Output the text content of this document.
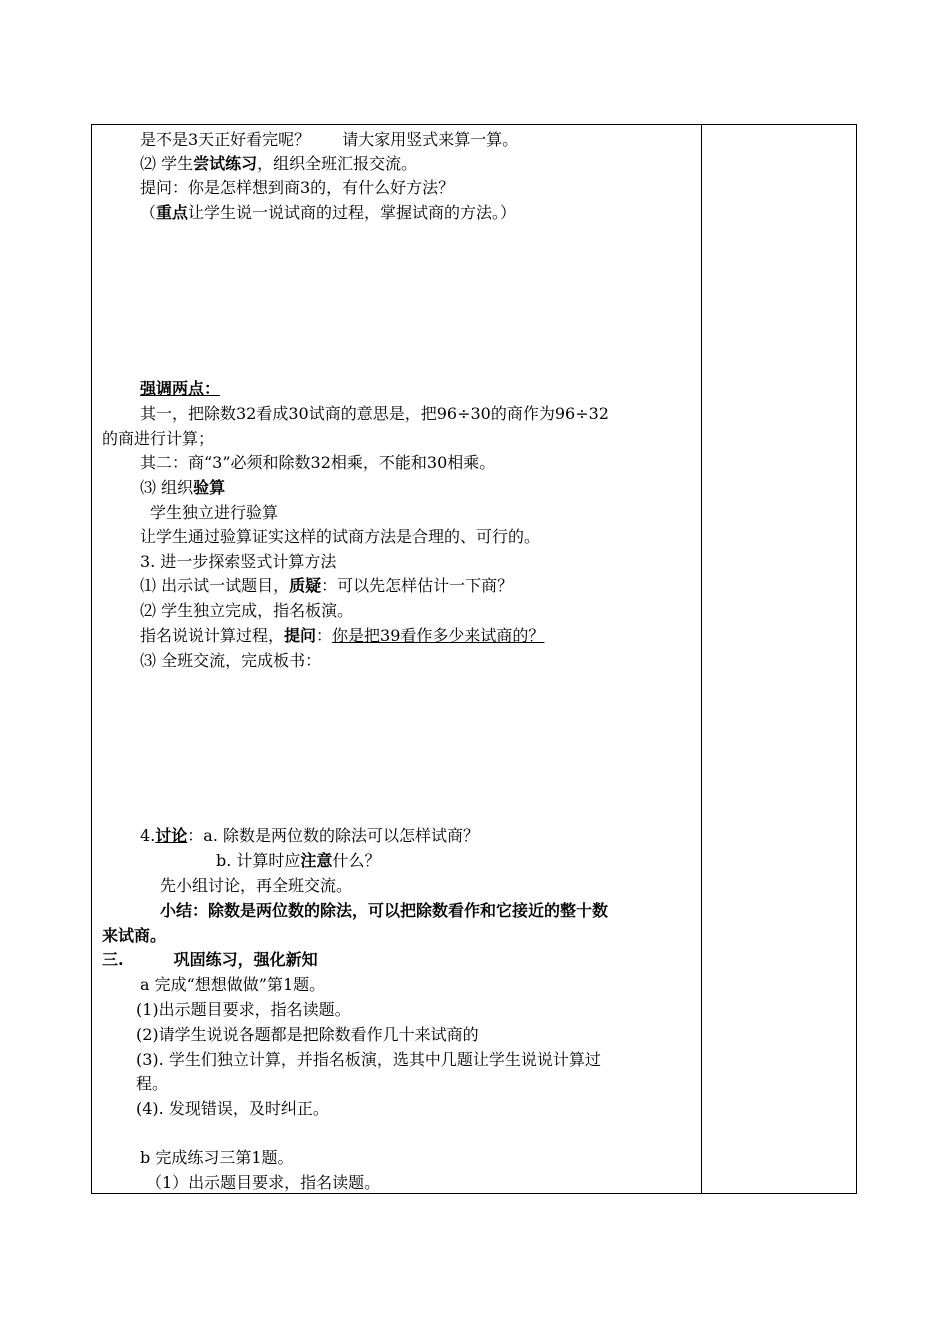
是不是3天正好看完呢？ 请大家用竖式来算一算。
⑵ 学生尝试练习，组织全班汇报交流。
提问：你是怎样想到商3的，有什么好方法？
（重点让学生说一说试商的过程，掌握试商的方法。）
强调两点：
其一，把除数32看成30试商的意思是，把96÷30的商作为96÷32
的商进行计算；
其二：商“3”必须和除数32相乘，不能和30相乘。
⑶ 组织验算
学生独立进行验算
让学生通过验算证实这样的试商方法是合理的、可行的。
3. 进一步探索竖式计算方法
⑴ 出示试一试题目，质疑：可以先怎样估计一下商？
⑵ 学生独立完成，指名板演。
指名说说计算过程，提问：你是把39看作多少来试商的？
⑶ 全班交流，完成板书：
4.讨论：a. 除数是两位数的除法可以怎样试商？
b. 计算时应注意什么？
先小组讨论，再全班交流。
小结：除数是两位数的除法，可以把除数看作和它接近的整十数
来试商。
三.	巩固练习，强化新知
a 完成“想想做做”第1题。
(1)出示题目要求，指名读题。
(2)请学生说说各题都是把除数看作几十来试商的
(3). 学生们独立计算，并指名板演，选其中几题让学生说说计算过
程。
(4). 发现错误，及时纠正。
b 完成练习三第1题。
（1）出示题目要求，指名读题。
